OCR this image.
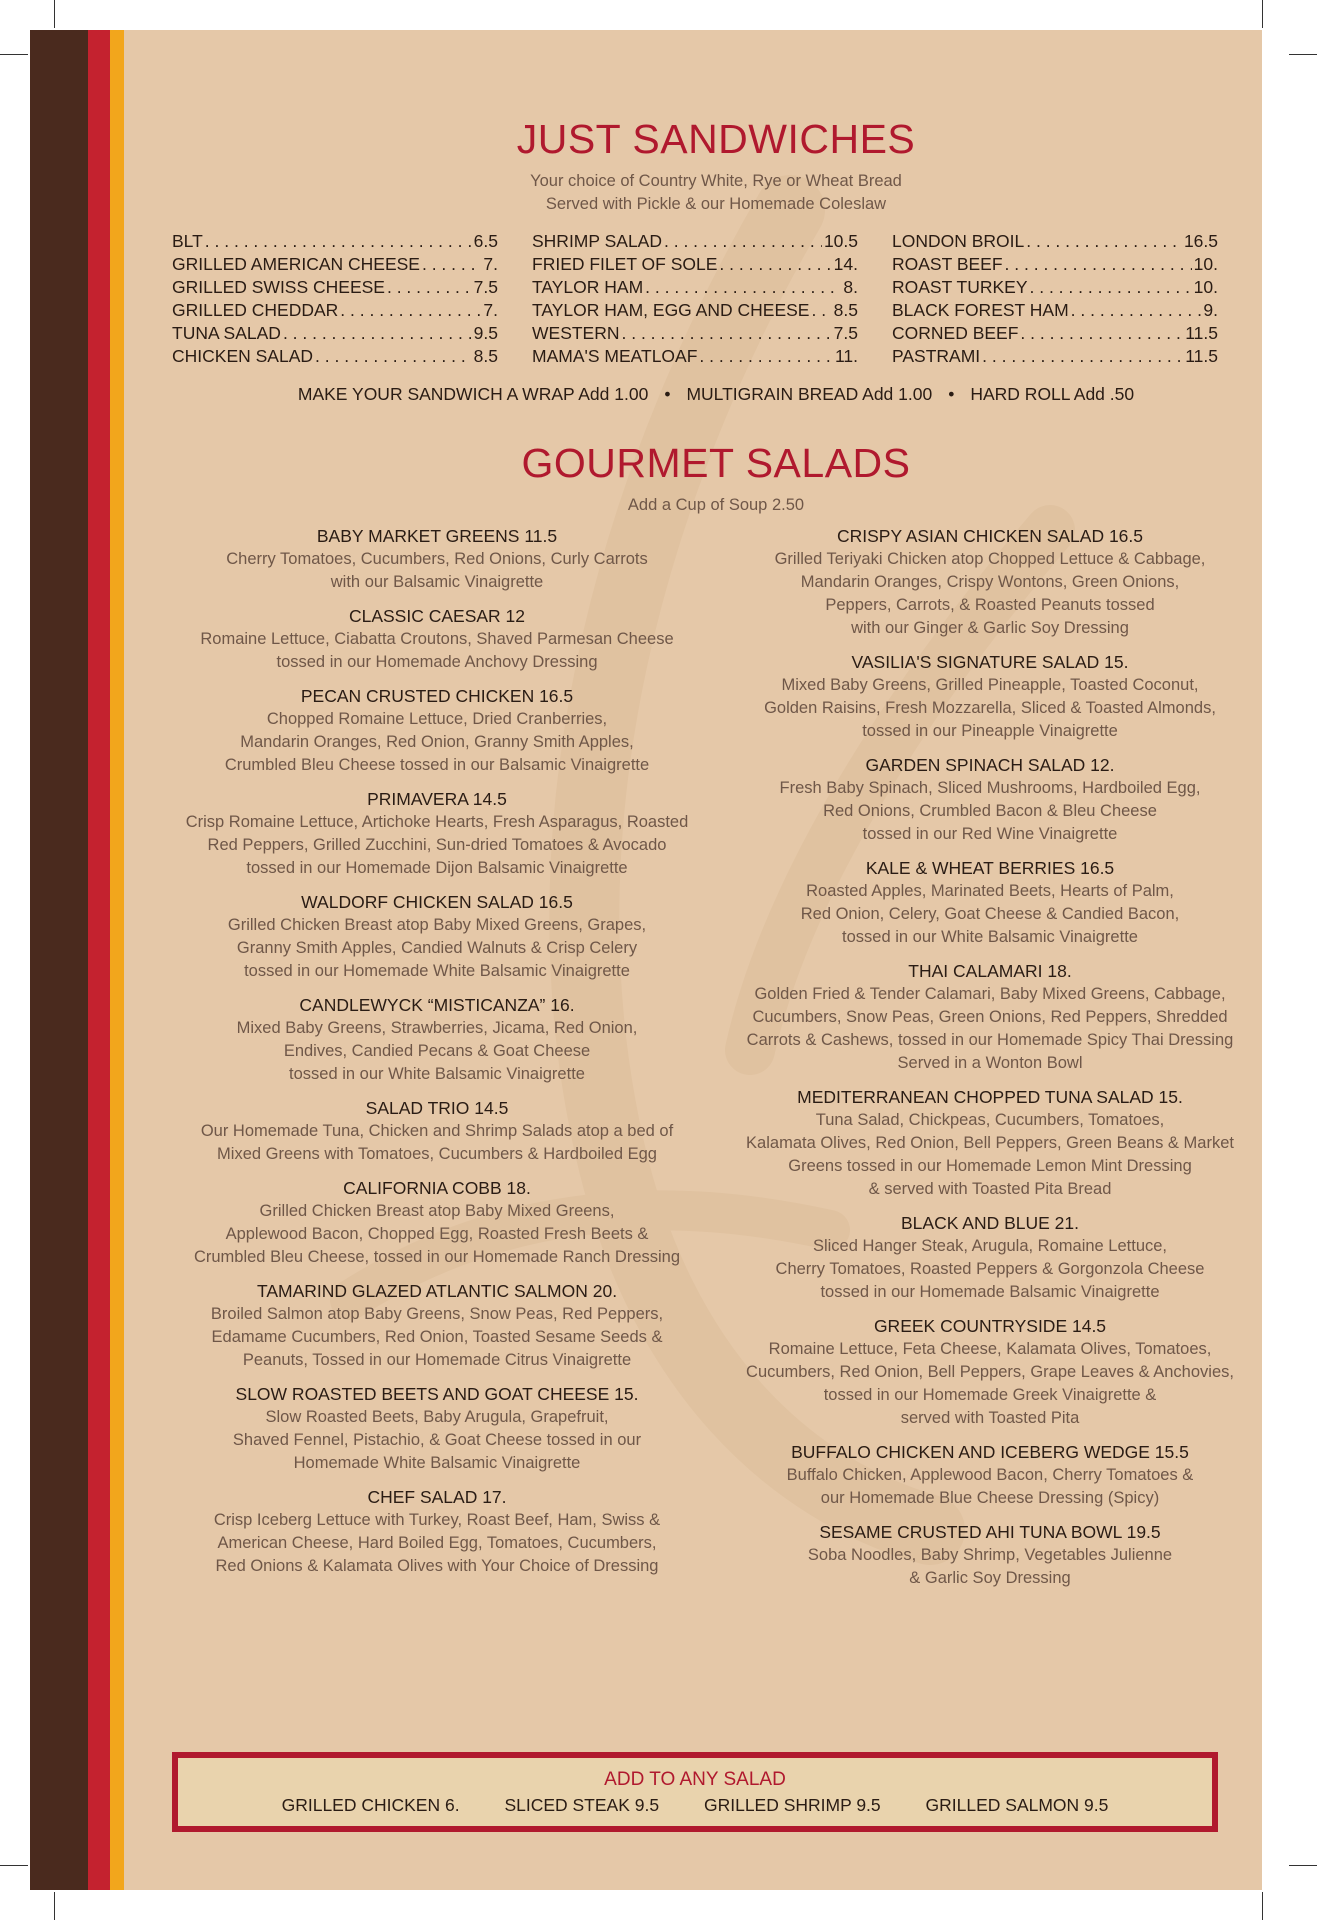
JUST SANDWICHES
Your choice of Country White, Rye or Wheat Bread
Served with Pickle & our Homemade Coleslaw
BLT . . .	6.5
GRILLED AMERICAN CHEESE . . .	7.
GRILLED SWISS CHEESE . . .	7.5
GRILLED CHEDDAR . . .	7.
TUNA SALAD . . .	9.5
CHICKEN SALAD . . .	8.5
SHRIMP SALAD . . .	10.5
FRIED FILET OF SOLE . . .	14.
TAYLOR HAM . . .	8.
TAYLOR HAM, EGG AND CHEESE . . . 8.5
WESTERN . . .	7.5
MAMA'S MEATLOAF . . .	11.
LONDON BROIL . . .	16.5
ROAST BEEF . . .	10.
ROAST TURKEY . . .	10.
BLACK FOREST HAM . . .	9.
CORNED BEEF . . .	11.5
PASTRAMI . . .	11.5
MAKE YOUR SANDWICH A WRAP Add 1.00 • MULTIGRAIN BREAD Add 1.00 • HARD ROLL Add .50
GOURMET SALADS
Add a Cup of Soup 2.50
BABY MARKET GREENS 11.5
Cherry Tomatoes, Cucumbers, Red Onions, Curly Carrots
with our Balsamic Vinaigrette
CLASSIC CAESAR 12
Romaine Lettuce, Ciabatta Croutons, Shaved Parmesan Cheese
tossed in our Homemade Anchovy Dressing
PECAN CRUSTED CHICKEN 16.5
Chopped Romaine Lettuce, Dried Cranberries,
Mandarin Oranges, Red Onion, Granny Smith Apples,
Crumbled Bleu Cheese tossed in our Balsamic Vinaigrette
PRIMAVERA 14.5
Crisp Romaine Lettuce, Artichoke Hearts, Fresh Asparagus, Roasted
Red Peppers, Grilled Zucchini, Sun-dried Tomatoes & Avocado
tossed in our Homemade Dijon Balsamic Vinaigrette
WALDORF CHICKEN SALAD 16.5
Grilled Chicken Breast atop Baby Mixed Greens, Grapes,
Granny Smith Apples, Candied Walnuts & Crisp Celery
tossed in our Homemade White Balsamic Vinaigrette
CANDLEWYCK “MISTICANZA” 16.
Mixed Baby Greens, Strawberries, Jicama, Red Onion,
Endives, Candied Pecans & Goat Cheese
tossed in our White Balsamic Vinaigrette
SALAD TRIO 14.5
Our Homemade Tuna, Chicken and Shrimp Salads atop a bed of
Mixed Greens with Tomatoes, Cucumbers & Hardboiled Egg
CALIFORNIA COBB 18.
Grilled Chicken Breast atop Baby Mixed Greens,
Applewood Bacon, Chopped Egg, Roasted Fresh Beets &
Crumbled Bleu Cheese, tossed in our Homemade Ranch Dressing
TAMARIND GLAZED ATLANTIC SALMON 20.
Broiled Salmon atop Baby Greens, Snow Peas, Red Peppers,
Edamame Cucumbers, Red Onion, Toasted Sesame Seeds &
Peanuts, Tossed in our Homemade Citrus Vinaigrette
SLOW ROASTED BEETS AND GOAT CHEESE 15.
Slow Roasted Beets, Baby Arugula, Grapefruit,
Shaved Fennel, Pistachio, & Goat Cheese tossed in our
Homemade White Balsamic Vinaigrette
CHEF SALAD 17.
Crisp Iceberg Lettuce with Turkey, Roast Beef, Ham, Swiss &
American Cheese, Hard Boiled Egg, Tomatoes, Cucumbers,
Red Onions & Kalamata Olives with Your Choice of Dressing
CRISPY ASIAN CHICKEN SALAD 16.5
Grilled Teriyaki Chicken atop Chopped Lettuce & Cabbage,
Mandarin Oranges, Crispy Wontons, Green Onions,
Peppers, Carrots, & Roasted Peanuts tossed
with our Ginger & Garlic Soy Dressing
VASILIA'S SIGNATURE SALAD 15.
Mixed Baby Greens, Grilled Pineapple, Toasted Coconut,
Golden Raisins, Fresh Mozzarella, Sliced & Toasted Almonds,
tossed in our Pineapple Vinaigrette
GARDEN SPINACH SALAD 12.
Fresh Baby Spinach, Sliced Mushrooms, Hardboiled Egg,
Red Onions, Crumbled Bacon & Bleu Cheese
tossed in our Red Wine Vinaigrette
KALE & WHEAT BERRIES 16.5
Roasted Apples, Marinated Beets, Hearts of Palm,
Red Onion, Celery, Goat Cheese & Candied Bacon,
tossed in our White Balsamic Vinaigrette
THAI CALAMARI 18.
Golden Fried & Tender Calamari, Baby Mixed Greens, Cabbage,
Cucumbers, Snow Peas, Green Onions, Red Peppers, Shredded
Carrots & Cashews, tossed in our Homemade Spicy Thai Dressing
Served in a Wonton Bowl
MEDITERRANEAN CHOPPED TUNA SALAD 15.
Tuna Salad, Chickpeas, Cucumbers, Tomatoes,
Kalamata Olives, Red Onion, Bell Peppers, Green Beans & Market
Greens tossed in our Homemade Lemon Mint Dressing
& served with Toasted Pita Bread
BLACK AND BLUE 21.
Sliced Hanger Steak, Arugula, Romaine Lettuce,
Cherry Tomatoes, Roasted Peppers & Gorgonzola Cheese
tossed in our Homemade Balsamic Vinaigrette
GREEK COUNTRYSIDE 14.5
Romaine Lettuce, Feta Cheese, Kalamata Olives, Tomatoes,
Cucumbers, Red Onion, Bell Peppers, Grape Leaves & Anchovies,
tossed in our Homemade Greek Vinaigrette &
served with Toasted Pita
BUFFALO CHICKEN AND ICEBERG WEDGE 15.5
Buffalo Chicken, Applewood Bacon, Cherry Tomatoes &
our Homemade Blue Cheese Dressing (Spicy)
SESAME CRUSTED AHI TUNA BOWL 19.5
Soba Noodles, Baby Shrimp, Vegetables Julienne
& Garlic Soy Dressing
ADD TO ANY SALAD
GRILLED CHICKEN 6.	SLICED STEAK 9.5	GRILLED SHRIMP 9.5	GRILLED SALMON 9.5
